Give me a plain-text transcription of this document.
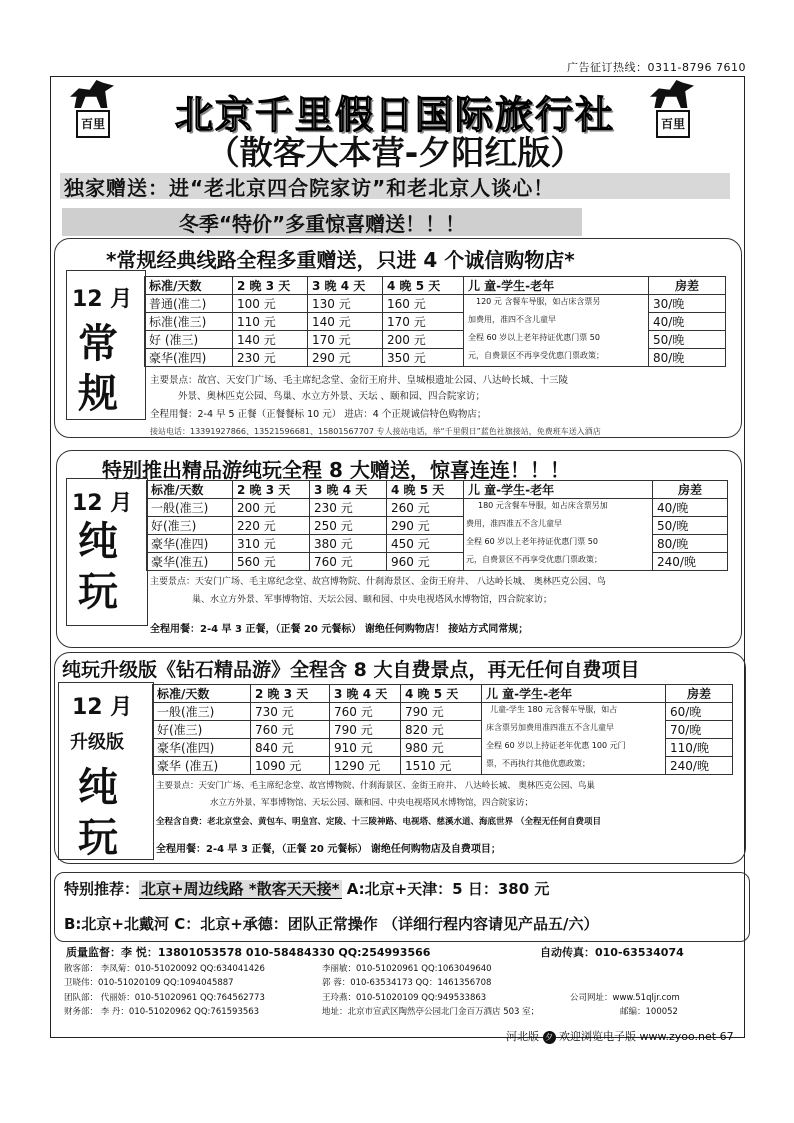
广告征订热线：0311-8796 7610
百里	百里
北京千里假日国际旅行社
（散客大本营-夕阳红版）
独家赠送：进“老北京四合院家访”和老北京人谈心！
冬季“特价”多重惊喜赠送！！！
*常规经典线路全程多重赠送，只进 4 个诚信购物店*
12 月
常
规
标准/天数	2 晚 3 天	3 晚 4 天	4 晚 5 天	儿 童-学生-老年	房差
普通(准二)	100 元	130 元	160 元		30/晚
标准(准三)	110 元	140 元	170 元		40/晚
好 (准三)	140 元	170 元	200 元		50/晚
豪华(准四)	230 元	290 元	350 元		80/晚
120 元 含餐车导服，如占床含票另
加费用，准四不含儿童早
全程 60 岁以上老年持证优惠门票 50
元，自费景区不再享受优惠门票政策；
主要景点：故宫、天安门广场、毛主席纪念堂、金衍王府井、皇城根遗址公园、八达岭长城、十三陵
外景、奥林匹克公园、鸟巢、水立方外景、天坛 、颐和园、四合院家访；
全程用餐：2-4 早 5 正餐（正餐餐标 10 元） 进店：4 个正规诚信特色购物店；
接站电话：13391927866、13521596681、15801567707 专人接站电话，举“千里假日”蓝色社旗接站，免费班车送入酒店
特别推出精品游纯玩全程 8 大赠送，惊喜连连！！！
12 月
纯
玩
标准/天数	2 晚 3 天	3 晚 4 天	4 晚 5 天	儿 童-学生-老年	房差
一般(准三)	200 元	230 元	260 元		40/晚
好(准三)	220 元	250 元	290 元		50/晚
豪华(准四)	310 元	380 元	450 元		80/晚
豪华(准五)	560 元	760 元	960 元		240/晚
180 元含餐车导服，如占床含票另加
费用，准四准五不含儿童早
全程 60 岁以上老年持证优惠门票 50
元，自费景区不再享受优惠门票政策；
主要景点：天安门广场、毛主席纪念堂、故宫博物院、什刹海景区、金街王府井、 八达岭长城、 奥林匹克公园、鸟
巢、水立方外景、军事博物馆、天坛公园、颐和园、中央电视塔风水博物馆，四合院家访；
全程用餐：2-4 早 3 正餐，（正餐 20 元餐标） 谢绝任何购物店！ 接站方式同常规；
纯玩升级版《钻石精品游》全程含 8 大自费景点，再无任何自费项目
12 月
升级版
纯
玩
标准/天数	2 晚 3 天	3 晚 4 天	4 晚 5 天	儿 童-学生-老年	房差
一般(准三)	730 元	760 元	790 元		60/晚
好(准三)	760 元	790 元	820 元		70/晚
豪华(准四)	840 元	910 元	980 元		110/晚
豪华 (准五)	1090 元	1290 元	1510 元		240/晚
儿童-学生 180 元含餐车导服，如占
床含票另加费用准四准五不含儿童早
全程 60 岁以上持证老年优惠 100 元门
票，不再执行其他优惠政策；
主要景点：天安门广场、毛主席纪念堂、故宫博物院、什刹海景区、金街王府井、 八达岭长城、 奥林匹克公园、鸟巢
水立方外景、军事博物馆、天坛公园、颐和园、中央电视塔风水博物馆，四合院家访；
全程含自费：老北京堂会、黄包车、明皇宫、定陵、十三陵神路、电视塔、慈溪水道、海底世界 （全程无任何自费项目
全程用餐：2-4 早 3 正餐，（正餐 20 元餐标） 谢绝任何购物店及自费项目；
特别推荐： 北京+周边线路 *散客天天接* A:北京+天津：5 日：380 元
B:北京+北戴河 C：北京+承德：团队正常操作 （详细行程内容请见产品五/六）
质量监督：李 悦：13801053578 010-58484330 QQ:254993566	自动传真：010-63534074
散客部： 李凤菊：010-51020092 QQ:634041426	李丽敏：010-51020961 QQ:1063049640
卫晓伟：010-51020109 QQ:1094045887	郭 蓉：010-63534173 QQ：1461356708
团队部： 代丽娇：010-51020961 QQ:764562773	王玲燕：010-51020109 QQ:949533863	公司网址：www.51qljr.com
财务部： 李 丹：010-51020962 QQ:761593563	地址：北京市宣武区陶然亭公园北门金百万酒店 503 室；	邮编：100052
河北版 夕 欢迎浏览电子版 www.zyoo.net 67
